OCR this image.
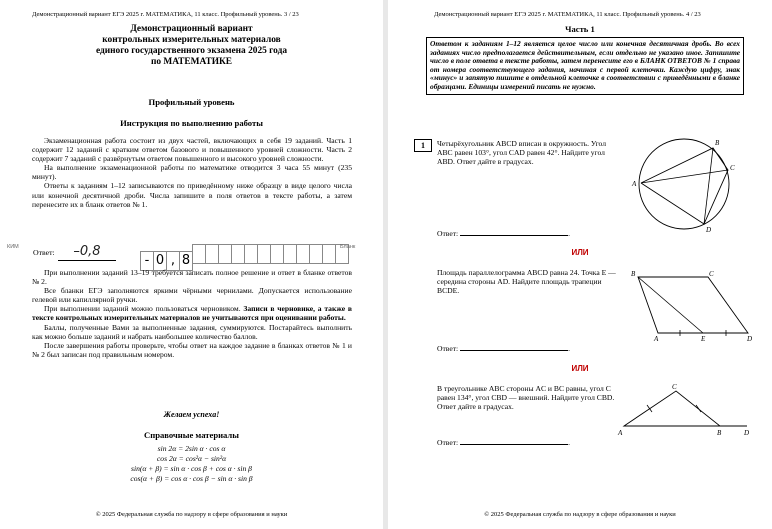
Демонстрационный вариант ЕГЭ 2025 г. МАТЕМАТИКА, 11 класс. Профильный уровень. 3 / 23
Демонстрационный вариант
контрольных измерительных материалов
единого государственного экзамена 2025 года
по МАТЕМАТИКЕ
Профильный уровень
Инструкция по выполнению работы
Экзаменационная работа состоит из двух частей, включающих в себя 19 заданий. Часть 1 содержит 12 заданий с кратким ответом базового и повышенного уровней сложности. Часть 2 содержит 7 заданий с развёрнутым ответом повышенного и высокого уровней сложности.
На выполнение экзаменационной работы по математике отводится 3 часа 55 минут (235 минут).
Ответы к заданиям 1–12 записываются по приведённому ниже образцу в виде целого числа или конечной десятичной дроби. Числа запишите в поля ответов в тексте работы, а затем перенесите их в бланк ответов № 1.
КИМ
Ответ:	–0,8
- 0 , 8
Бланк
При выполнении заданий 13–19 требуется записать полное решение и ответ в бланке ответов № 2.
Все бланки ЕГЭ заполняются яркими чёрными чернилами. Допускается использование гелевой или капиллярной ручки.
При выполнении заданий можно пользоваться черновиком. Записи в черновике, а также в тексте контрольных измерительных материалов не учитываются при оценивании работы.
Баллы, полученные Вами за выполненные задания, суммируются. Постарайтесь выполнить как можно больше заданий и набрать наибольшее количество баллов.
После завершения работы проверьте, чтобы ответ на каждое задание в бланках ответов № 1 и № 2 был записан под правильным номером.
Желаем успеха!
Справочные материалы
sin 2α = 2sin α · cos α
cos 2α = cos²α − sin²α
sin(α + β) = sin α · cos β + cos α · sin β
cos(α + β) = cos α · cos β − sin α · sin β
© 2025 Федеральная служба по надзору в сфере образования и науки
Демонстрационный вариант ЕГЭ 2025 г. МАТЕМАТИКА, 11 класс. Профильный уровень. 4 / 23
Часть 1
Ответом к заданиям 1–12 является целое число или конечная десятичная дробь. Во всех заданиях число предполагается действительным, если отдельно не указано иное. Запишите число в поле ответа в тексте работы, затем перенесите его в БЛАНК ОТВЕТОВ № 1 справа от номера соответствующего задания, начиная с первой клеточки. Каждую цифру, знак «минус» и запятую пишите в отдельной клеточке в соответствии с приведёнными в бланке образцами. Единицы измерений писать не нужно.
1	Четырёхугольник ABCD вписан в окружность. Угол ABC равен 103°, угол CAD равен 42°. Найдите угол ABD. Ответ дайте в градусах.
A
B
C
D
Ответ:	.
ИЛИ
Площадь параллелограмма ABCD равна 24. Точка E — середина стороны AD. Найдите площадь трапеции BCDE.
B	C
A	E	D
Ответ:	.
ИЛИ
В треугольнике ABC стороны AC и BC равны, угол C равен 134°, угол CBD — внешний. Найдите угол CBD. Ответ дайте в градусах.
A
C
B	D
Ответ:	.
© 2025 Федеральная служба по надзору в сфере образования и науки
